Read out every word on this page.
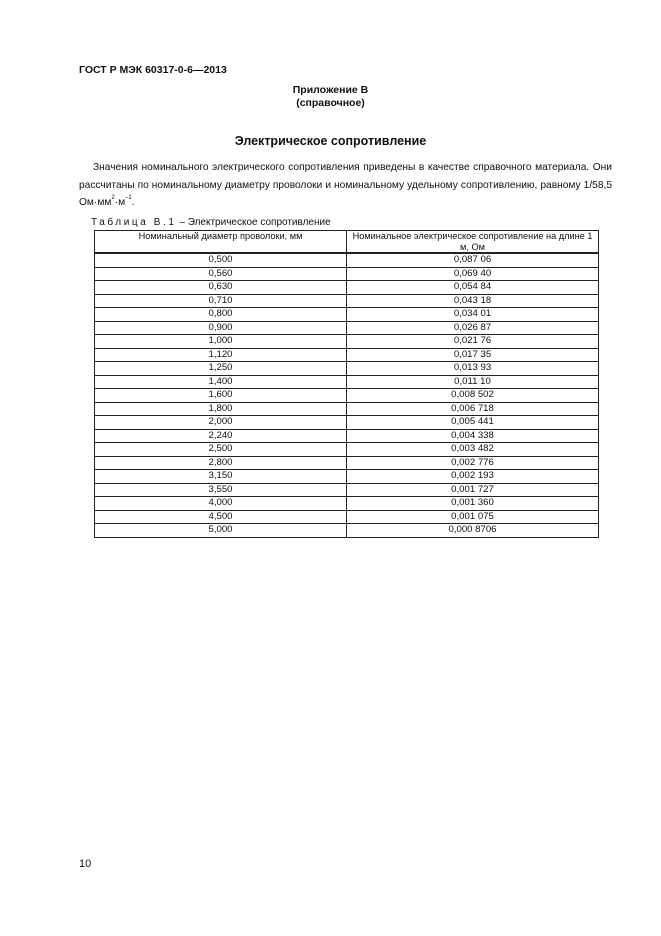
ГОСТ Р МЭК 60317-0-6—2013
Приложение В
(справочное)
Электрическое сопротивление

Значения номинального электрического сопротивления приведены в качестве справочного материала. Они рассчитаны по номинальному диаметру проволоки и номинальному удельному сопротивлению, равному 1/58,5 $Ом\cdot мм^2\cdot м^{-1}$.

Таблица В.1 – Электрическое сопротивление
Номинальный диаметр проволоки, мм	Номинальное электрическое сопротивление на длине 1 м, Ом
0,500	0,087 06
0,560	0,069 40
0,630	0,054 84
0,710	0,043 18
0,800	0,034 01
0,900	0,026 87
1,000	0,021 76
1,120	0,017 35
1,250	0,013 93
1,400	0,011 10
1,600	0,008 502
1,800	0,006 718
2,000	0,005 441
2,240	0,004 338
2,500	0,003 482
2,800	0,002 776
3,150	0,002 193
3,550	0,001 727
4,000	0,001 360
4,500	0,001 075
5,000	0,000 8706
10
